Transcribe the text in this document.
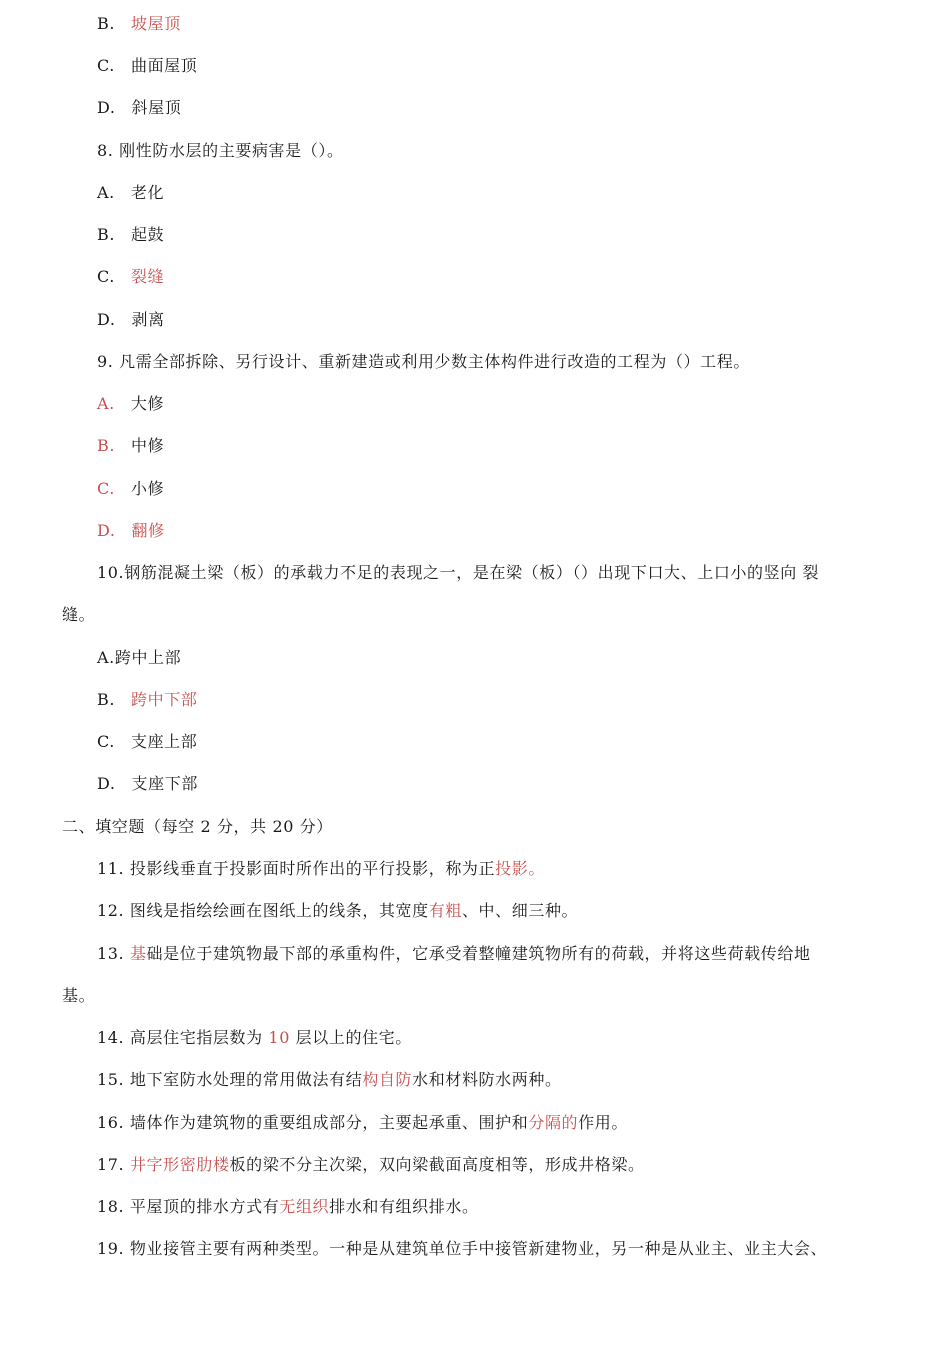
B. 坡屋顶
C. 曲面屋顶
D. 斜屋顶
8. 刚性防水层的主要病害是（）。
A. 老化
B. 起鼓
C. 裂缝
D. 剥离
9. 凡需全部拆除、另行设计、重新建造或利用少数主体构件进行改造的工程为（）工程。
A. 大修
B. 中修
C. 小修
D. 翻修
10.钢筋混凝土梁（板）的承载力不足的表现之一，是在梁（板）（）出现下口大、上口小的竖向 裂
缝。
A.跨中上部
B. 跨中下部
C. 支座上部
D. 支座下部
二、填空题（每空 2 分，共 20 分）
11. 投影线垂直于投影面时所作出的平行投影，称为正投影。
12. 图线是指绘绘画在图纸上的线条，其宽度有粗、中、细三种。
13. 基础是位于建筑物最下部的承重构件，它承受着整幢建筑物所有的荷载，并将这些荷载传给地
基。
14. 高层住宅指层数为 10 层以上的住宅。
15. 地下室防水处理的常用做法有结构自防水和材料防水两种。
16. 墙体作为建筑物的重要组成部分，主要起承重、围护和分隔的作用。
17. 井字形密肋楼板的梁不分主次梁，双向梁截面高度相等，形成井格梁。
18. 平屋顶的排水方式有无组织排水和有组织排水。
19. 物业接管主要有两种类型。一种是从建筑单位手中接管新建物业，另一种是从业主、业主大会、
